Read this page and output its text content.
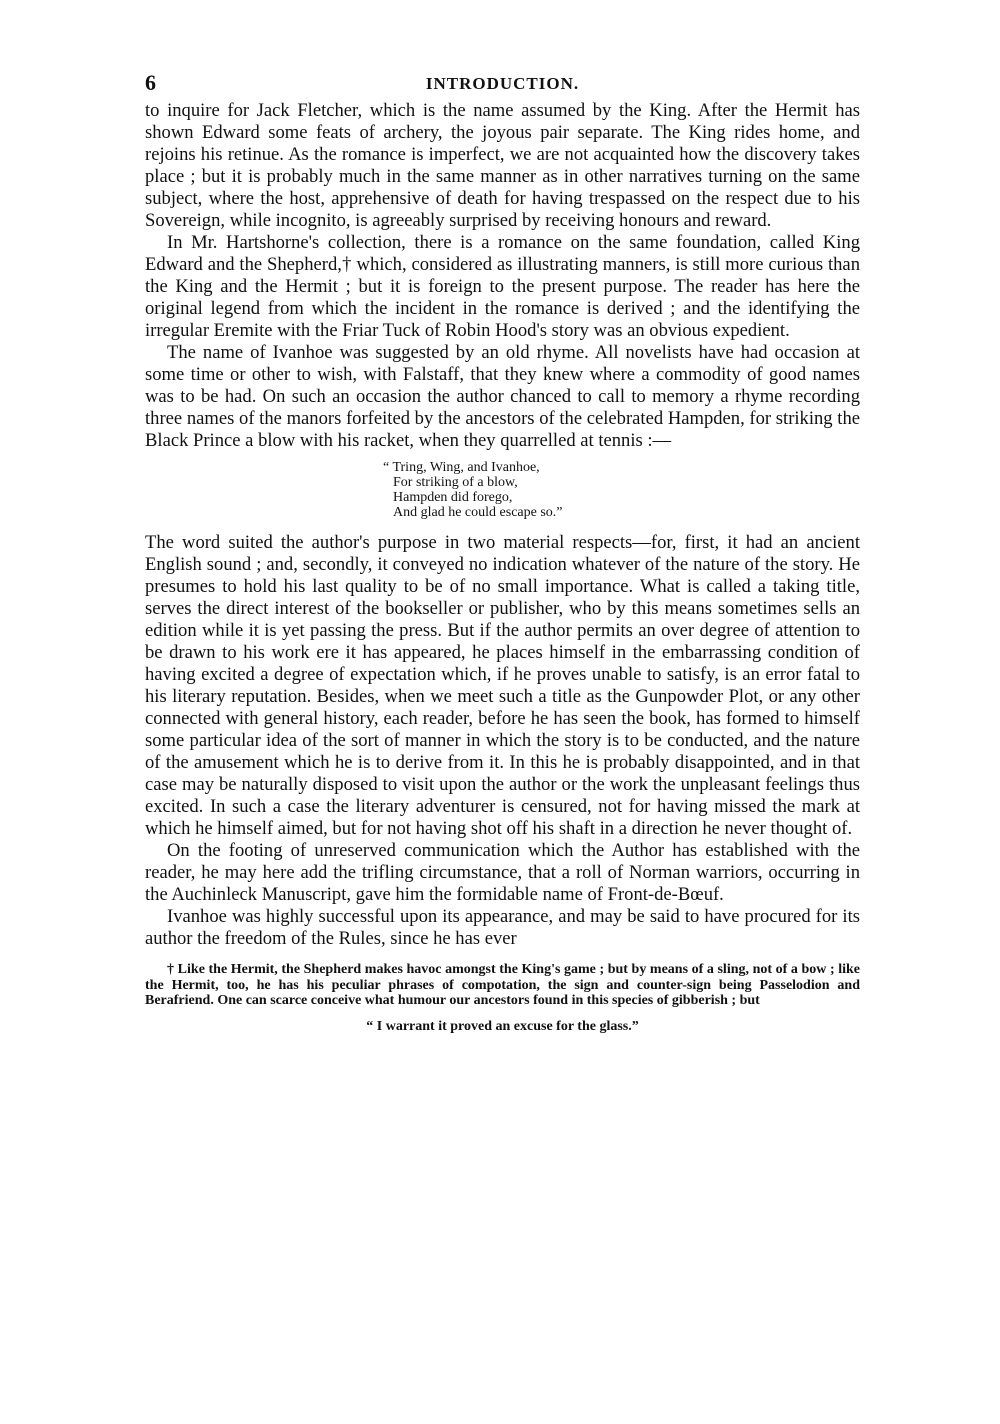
6	INTRODUCTION.

to inquire for Jack Fletcher, which is the name assumed by the King. After the Hermit has shown Edward some feats of archery, the joyous pair separate. The King rides home, and rejoins his retinue. As the romance is imperfect, we are not acquainted how the discovery takes place ; but it is probably much in the same manner as in other narratives turning on the same subject, where the host, apprehensive of death for having trespassed on the respect due to his Sovereign, while incognito, is agreeably surprised by receiving honours and reward.

In Mr. Hartshorne's collection, there is a romance on the same foundation, called King Edward and the Shepherd,† which, considered as illustrating manners, is still more curious than the King and the Hermit ; but it is foreign to the present purpose. The reader has here the original legend from which the incident in the romance is derived ; and the identifying the irregular Eremite with the Friar Tuck of Robin Hood's story was an obvious expedient.

The name of Ivanhoe was suggested by an old rhyme. All novelists have had occasion at some time or other to wish, with Falstaff, that they knew where a commodity of good names was to be had. On such an occasion the author chanced to call to memory a rhyme recording three names of the manors forfeited by the ancestors of the celebrated Hampden, for striking the Black Prince a blow with his racket, when they quarrelled at tennis :—

“ Tring, Wing, and Ivanhoe,
For striking of a blow,
Hampden did forego,
And glad he could escape so.”

The word suited the author's purpose in two material respects—for, first, it had an ancient English sound ; and, secondly, it conveyed no indication whatever of the nature of the story. He presumes to hold his last quality to be of no small importance. What is called a taking title, serves the direct interest of the bookseller or publisher, who by this means sometimes sells an edition while it is yet passing the press. But if the author permits an over degree of attention to be drawn to his work ere it has appeared, he places himself in the embarrassing condition of having excited a degree of expectation which, if he proves unable to satisfy, is an error fatal to his literary reputation. Besides, when we meet such a title as the Gunpowder Plot, or any other connected with general history, each reader, before he has seen the book, has formed to himself some particular idea of the sort of manner in which the story is to be conducted, and the nature of the amusement which he is to derive from it. In this he is probably disappointed, and in that case may be naturally disposed to visit upon the author or the work the unpleasant feelings thus excited. In such a case the literary adventurer is censured, not for having missed the mark at which he himself aimed, but for not having shot off his shaft in a direction he never thought of.

On the footing of unreserved communication which the Author has established with the reader, he may here add the trifling circumstance, that a roll of Norman warriors, occurring in the Auchinleck Manuscript, gave him the formidable name of Front-de-Bœuf.

Ivanhoe was highly successful upon its appearance, and may be said to have procured for its author the freedom of the Rules, since he has ever

† Like the Hermit, the Shepherd makes havoc amongst the King's game ; but by means of a sling, not of a bow ; like the Hermit, too, he has his peculiar phrases of compotation, the sign and counter-sign being Passelodion and Berafriend. One can scarce conceive what humour our ancestors found in this species of gibberish ; but

“ I warrant it proved an excuse for the glass.”
